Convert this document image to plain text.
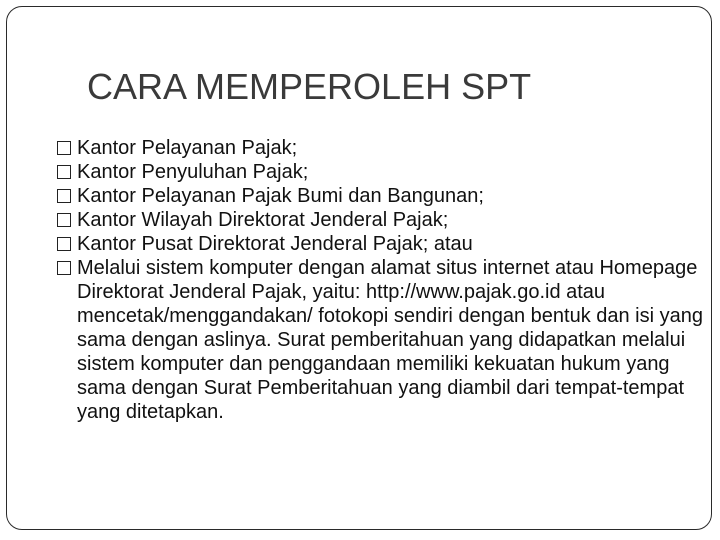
CARA MEMPEROLEH SPT
Kantor Pelayanan Pajak;
Kantor Penyuluhan Pajak;
Kantor Pelayanan Pajak Bumi dan Bangunan;
Kantor Wilayah Direktorat Jenderal Pajak;
Kantor Pusat Direktorat Jenderal Pajak; atau
Melalui sistem komputer dengan alamat situs internet atau Homepage Direktorat Jenderal Pajak, yaitu: http://www.pajak.go.id atau mencetak/menggandakan/ fotokopi sendiri dengan bentuk dan isi yang sama dengan aslinya. Surat pemberitahuan yang didapatkan melalui sistem komputer dan penggandaan memiliki kekuatan hukum yang sama dengan Surat Pemberitahuan yang diambil dari tempat-tempat yang ditetapkan.
